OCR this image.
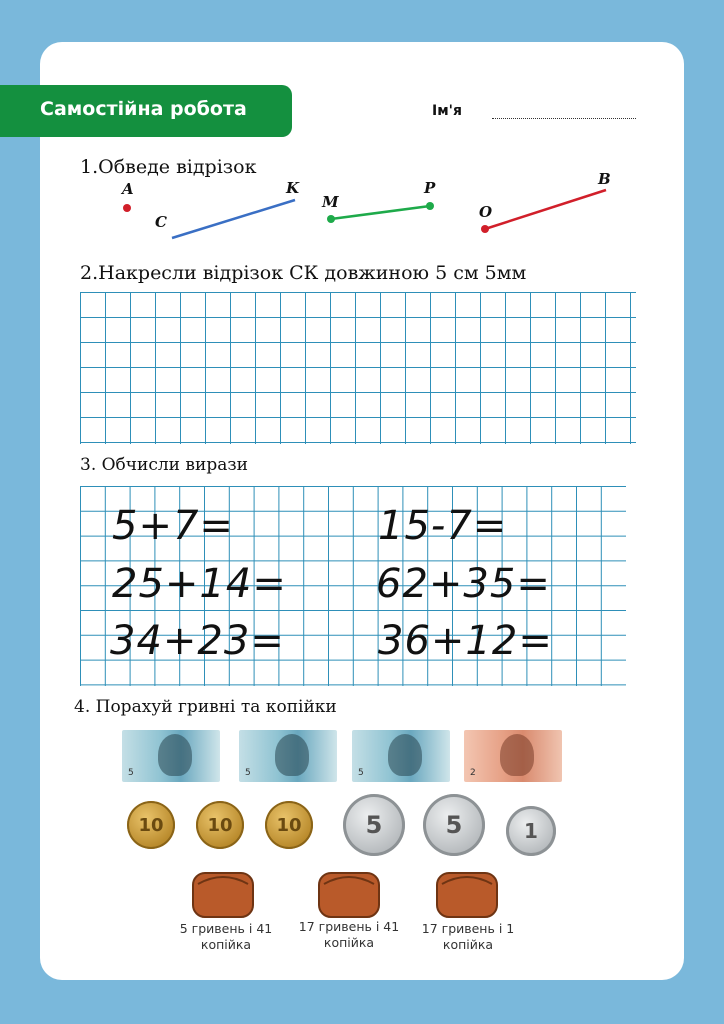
Самостійна робота	Ім'я
1.Обведе відрізок
A
C
K
M
P
O
B
2.Накресли відрізок СК довжиною 5 см 5мм
3. Обчисли вирази
5+7=	15-7=
25+14= 62+35=
34+23= 36+12=
4. Порахуй гривні та копійки
5	5	5	2
10	10	10	5	5	1
5 гривень і 41
копійка
17 гривень і 41
копійка
17 гривень і 1
копійка
